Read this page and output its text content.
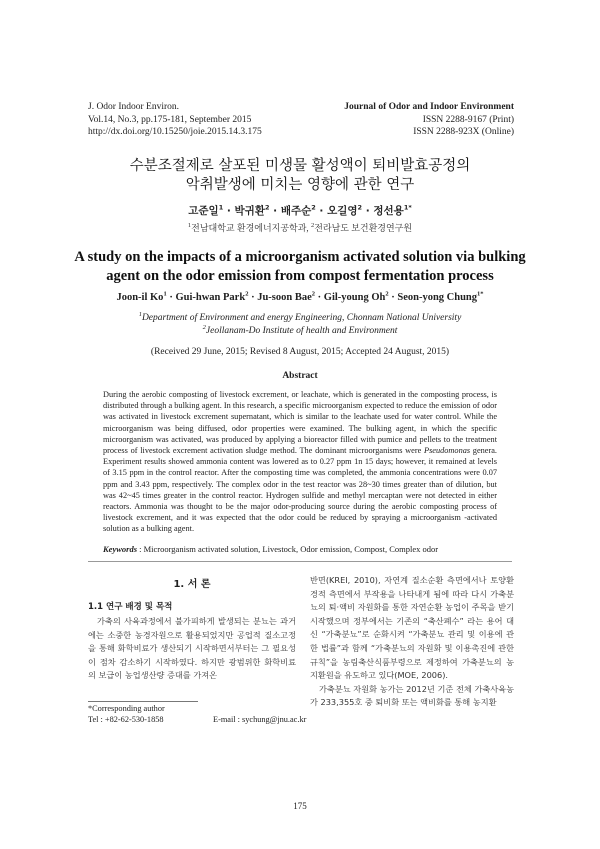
J. Odor Indoor Environ.
Vol.14, No.3, pp.175-181, September 2015
http://dx.doi.org/10.15250/joie.2015.14.3.175
Journal of Odor and Indoor Environment
ISSN 2288-9167 (Print)
ISSN 2288-923X (Online)
수분조절제로 살포된 미생물 활성액이 퇴비발효공정의
악취발생에 미치는 영향에 관한 연구
고준일$^1$ · 박귀환$^2$ · 배주순$^2$ · 오길영$^2$ · 정선용$^{1*}$
$^1$전남대학교 환경에너지공학과, $^2$전라남도 보건환경연구원
A study on the impacts of a microorganism activated solution via bulking
agent on the odor emission from compost fermentation process
Joon-il $Ko^1$ · Gui-hwan Park$^2$ · Ju-soon Bae$^2$ · Gil-young $Oh^2$ · Seon-yong Chung$^{1*}$
$^1$Department of Environment and energy Engineering, Chonnam National University
$^2$Jeollanam-Do Institute of health and Environment
(Received 29 June, 2015; Revised 8 August, 2015; Accepted 24 August, 2015)
Abstract

During the aerobic composting of livestock excrement, or leachate, which is generated in the composting process, is distributed through a bulking agent. In this research, a specific microorganism expected to reduce the emission of odor was activated in livestock excrement supernatant, which is similar to the leachate used for water control. While the microorganism was being diffused, odor properties were examined. The bulking agent, in which the specific microorganism was activated, was produced by applying a bioreactor filled with pumice and pellets to the treatment process of livestock excrement activation sludge method. The dominant microorganisms were Pseudomonas genera. Experiment results showed ammonia content was lowered as to 0.27 ppm 1n 15 days; however, it remained at levels of 3.15 ppm in the control reactor. After the composting time was completed, the ammonia concentrations were 0.07 ppm and 3.43 ppm, respectively. The complex odor in the test reactor was 28~30 times greater than of dilution, but was 42~45 times greater in the control reactor. Hydrogen sulfide and methyl mercaptan were not detected in either reactors. Ammonia was thought to be the major odor-producing source during the aerobic composting process of livestock excrement, and it was expected that the odor could be reduced by spraying a microorganism -activated solution as a bulking agent.

Keywords : Microorganism activated solution, Livestock, Odor emission, Compost, Complex odor
1. 서 론
1.1 연구 배경 및 목적

가축의 사육과정에서 불가피하게 발생되는 분뇨는 과거에는 소중한 농경자원으로 활용되었지만 공업적 질소고정을 통해 화학비료가 생산되기 시작하면서부터는 그 필요성이 점차 감소하기 시작하였다. 하지만 광범위한 화학비료의 보급이 농업생산량 증대를 가져온

반면(KREI, 2010), 자연계 질소순환 측면에서나 토양환경적 측면에서 부작용을 나타내게 됨에 따라 다시 가축분뇨의 퇴·액비 자원화를 통한 자연순환 농업이 주목을 받기 시작했으며 정부에서는 기존의 “축산폐수” 라는 용어 대신 “가축분뇨”로 순화시켜 “가축분뇨 관리 및 이용에 관한 법률”과 함께 “가축분뇨의 자원화 및 이용촉진에 관한 규칙”을 농림축산식품부령으로 제정하여 가축분뇨의 농지환원을 유도하고 있다(MOE, 2006).

가축분뇨 자원화 농가는 2012년 기준 전체 가축사육농가 233,355호 중 퇴비화 또는 액비화를 통해 농지환

*Corresponding author
Tel : +82-62-530-1858	E-mail : sychung@jnu.ac.kr
175
